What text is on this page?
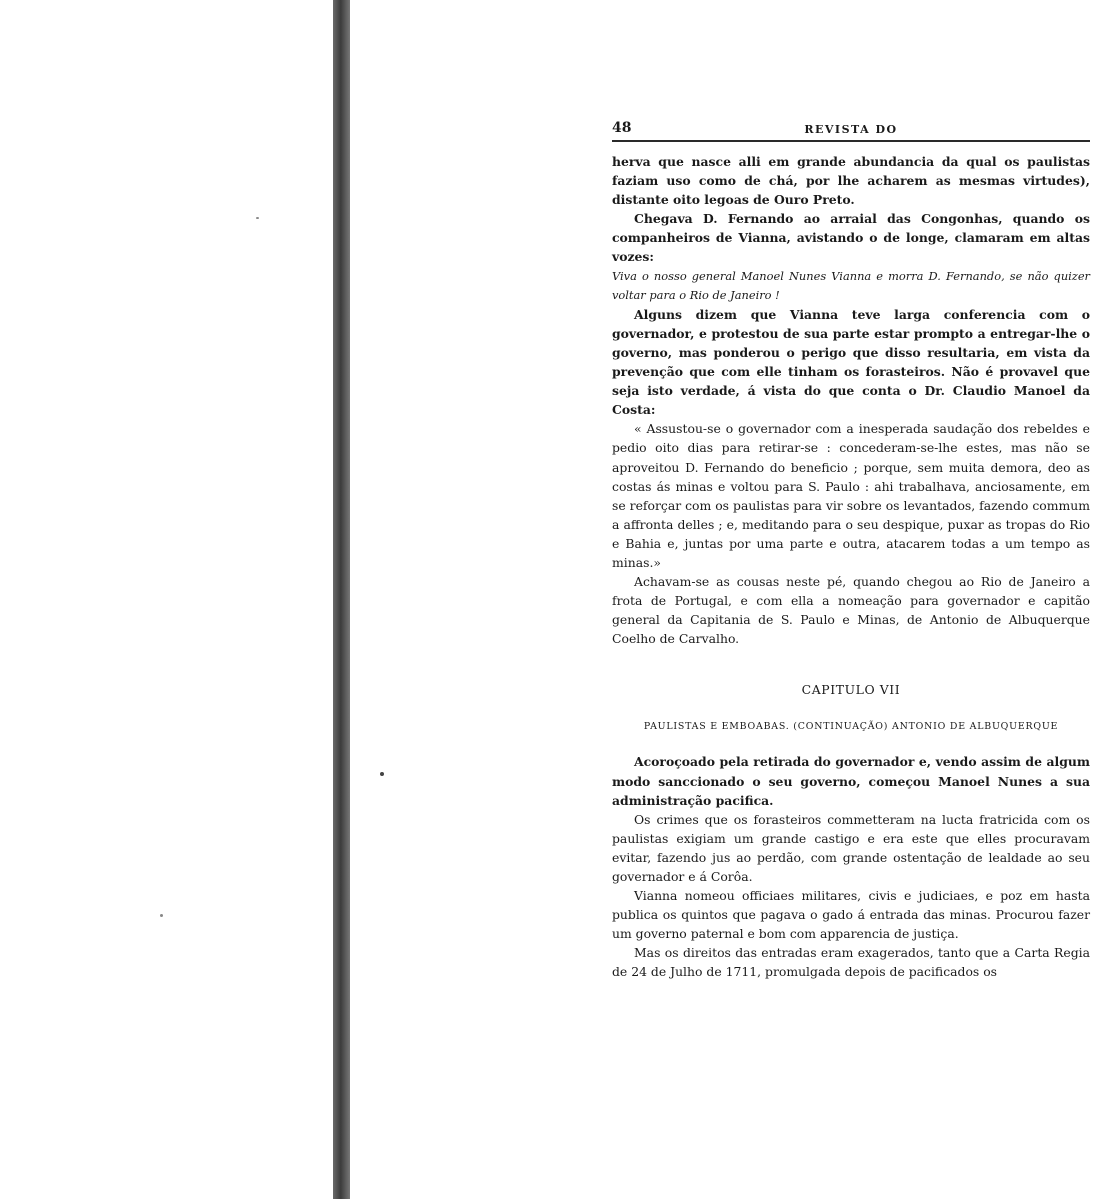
48	REVISTA DO

herva que nasce alli em grande abundancia da qual os paulistas faziam uso como de chá, por lhe acharem as mesmas virtudes), distante oito legoas de Ouro Preto.

Chegava D. Fernando ao arraial das Congonhas, quando os companheiros de Vianna, avistando o de longe, clamaram em altas vozes:

Viva o nosso general Manoel Nunes Vianna e morra D. Fernando, se não quizer voltar para o Rio de Janeiro !

Alguns dizem que Vianna teve larga conferencia com o governador, e protestou de sua parte estar prompto a entregar-lhe o governo, mas ponderou o perigo que disso resultaria, em vista da prevenção que com elle tinham os forasteiros. Não é provavel que seja isto verdade, á vista do que conta o Dr. Claudio Manoel da Costa:

« Assustou-se o governador com a inesperada saudação dos rebeldes e pedio oito dias para retirar-se : concederam-se-lhe estes, mas não se aproveitou D. Fernando do beneficio ; porque, sem muita demora, deo as costas ás minas e voltou para S. Paulo : ahi trabalhava, anciosamente, em se reforçar com os paulistas para vir sobre os levantados, fazendo commum a affronta delles ; e, meditando para o seu despique, puxar as tropas do Rio e Bahia e, juntas por uma parte e outra, atacarem todas a um tempo as minas.»

Achavam-se as cousas neste pé, quando chegou ao Rio de Janeiro a frota de Portugal, e com ella a nomeação para governador e capitão general da Capitania de S. Paulo e Minas, de Antonio de Albuquerque Coelho de Carvalho.

CAPITULO VII
PAULISTAS E EMBOABAS. (CONTINUAÇÃO) ANTONIO DE ALBUQUERQUE

Acoroçoado pela retirada do governador e, vendo assim de algum modo sanccionado o seu governo, começou Manoel Nunes a sua administração pacifica.

Os crimes que os forasteiros commetteram na lucta fratricida com os paulistas exigiam um grande castigo e era este que elles procuravam evitar, fazendo jus ao perdão, com grande ostentação de lealdade ao seu governador e á Corôa.

Vianna nomeou officiaes militares, civis e judiciaes, e poz em hasta publica os quintos que pagava o gado á entrada das minas. Procurou fazer um governo paternal e bom com apparencia de justiça.

Mas os direitos das entradas eram exagerados, tanto que a Carta Regia de 24 de Julho de 1711, promulgada depois de pacificados os
